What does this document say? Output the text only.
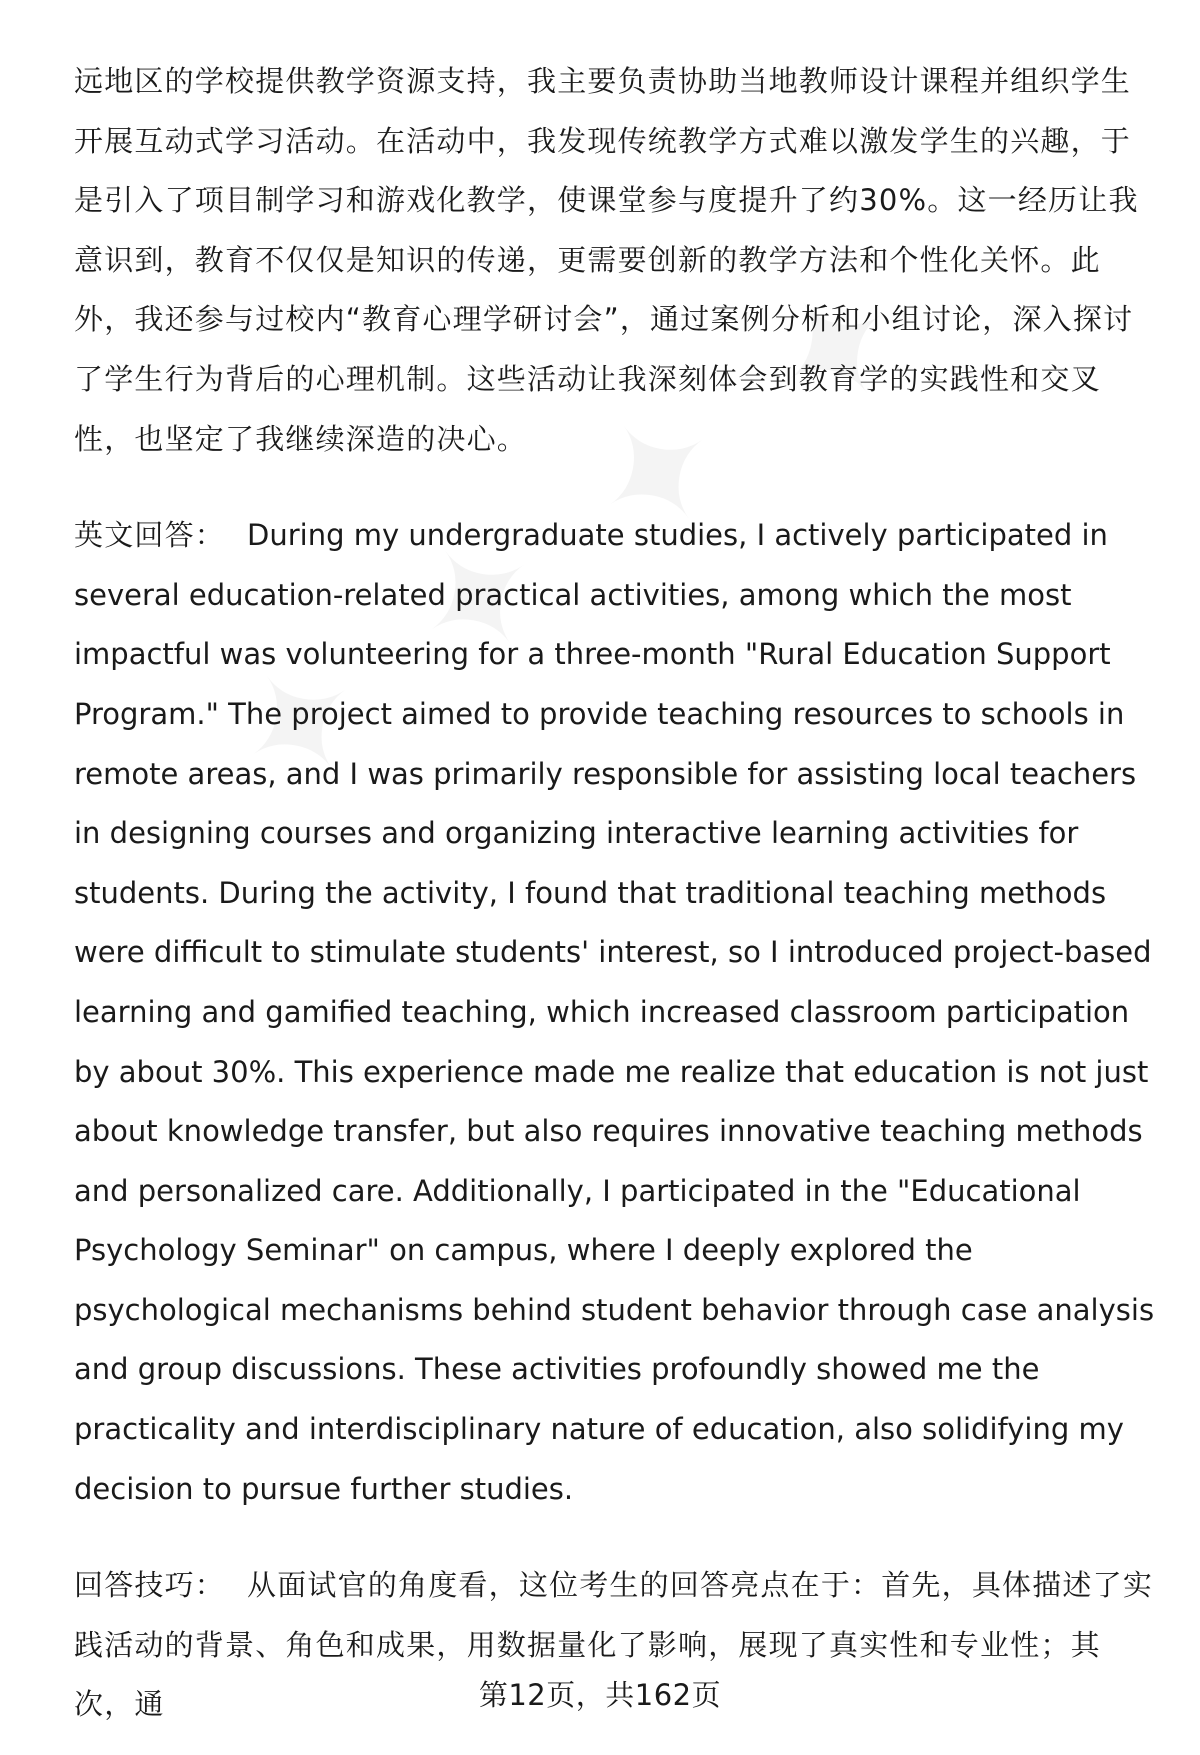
远地区的学校提供教学资源支持，我主要负责协助当地教师设计课程并组织学生开展互动式学习活动。在活动中，我发现传统教学方式难以激发学生的兴趣，于是引入了项目制学习和游戏化教学，使课堂参与度提升了约30%。这一经历让我意识到，教育不仅仅是知识的传递，更需要创新的教学方法和个性化关怀。此外，我还参与过校内“教育心理学研讨会”，通过案例分析和小组讨论，深入探讨了学生行为背后的心理机制。这些活动让我深刻体会到教育学的实践性和交叉性，也坚定了我继续深造的决心。

英文回答： During my undergraduate studies, I actively participated in several education-related practical activities, among which the most impactful was volunteering for a three-month "Rural Education Support Program." The project aimed to provide teaching resources to schools in remote areas, and I was primarily responsible for assisting local teachers in designing courses and organizing interactive learning activities for students. During the activity, I found that traditional teaching methods were difficult to stimulate students' interest, so I introduced project-based learning and gamified teaching, which increased classroom participation by about 30%. This experience made me realize that education is not just about knowledge transfer, but also requires innovative teaching methods and personalized care. Additionally, I participated in the "Educational Psychology Seminar" on campus, where I deeply explored the psychological mechanisms behind student behavior through case analysis and group discussions. These activities profoundly showed me the practicality and interdisciplinary nature of education, also solidifying my decision to pursue further studies.

回答技巧： 从面试官的角度看，这位考生的回答亮点在于：首先，具体描述了实践活动的背景、角色和成果，用数据量化了影响，展现了真实性和专业性；其次，通	第12页，共162页
